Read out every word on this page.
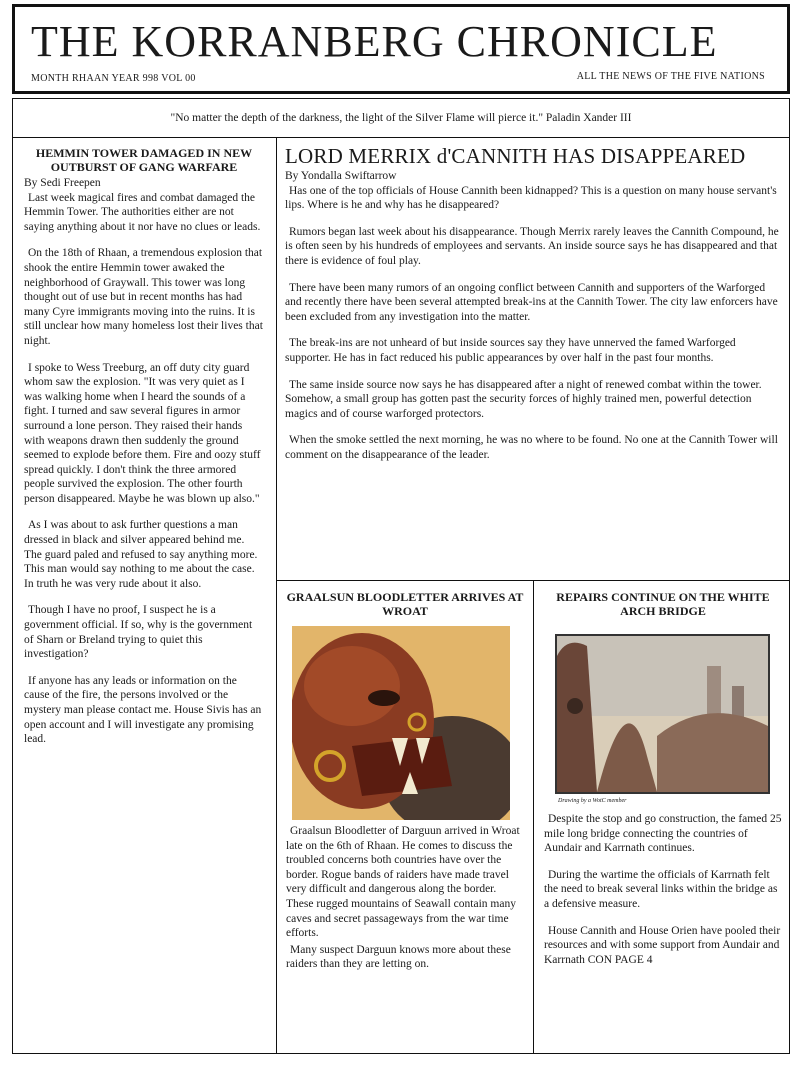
THE KORRANBERG CHRONICLE
MONTH RHAAN YEAR 998 VOL 00	ALL THE NEWS OF THE FIVE NATIONS
"No matter the depth of the darkness, the light of the Silver Flame will pierce it." Paladin Xander III
HEMMIN TOWER DAMAGED IN NEW OUTBURST OF GANG WARFARE
By Sedi Freepen

Last week magical fires and combat damaged the Hemmin Tower. The authorities either are not saying anything about it nor have no clues or leads.

On the 18th of Rhaan, a tremendous explosion that shook the entire Hemmin tower awaked the neighborhood of Graywall. This tower was long thought out of use but in recent months has had many Cyre immigrants moving into the ruins. It is still unclear how many homeless lost their lives that night.

I spoke to Wess Treeburg, an off duty city guard whom saw the explosion. "It was very quiet as I was walking home when I heard the sounds of a fight. I turned and saw several figures in armor surround a lone person. They raised their hands with weapons drawn then suddenly the ground seemed to explode before them. Fire and oozy stuff spread quickly. I don't think the three armored people survived the explosion. The other fourth person disappeared. Maybe he was blown up also."

As I was about to ask further questions a man dressed in black and silver appeared behind me. The guard paled and refused to say anything more. This man would say nothing to me about the case. In truth he was very rude about it also.

Though I have no proof, I suspect he is a government official. If so, why is the government of Sharn or Breland trying to quiet this investigation?

If anyone has any leads or information on the cause of the fire, the persons involved or the mystery man please contact me. House Sivis has an open account and I will investigate any promising lead.

LORD MERRIX d'CANNITH HAS DISAPPEARED
By Yondalla Swiftarrow

Has one of the top officials of House Cannith been kidnapped? This is a question on many house servant's lips. Where is he and why has he disappeared?

Rumors began last week about his disappearance. Though Merrix rarely leaves the Cannith Compound, he is often seen by his hundreds of employees and servants. An inside source says he has disappeared and that there is evidence of foul play.

There have been many rumors of an ongoing conflict between Cannith and supporters of the Warforged and recently there have been several attempted break-ins at the Cannith Tower. The city law enforcers have been excluded from any investigation into the matter.

The break-ins are not unheard of but inside sources say they have unnerved the famed Warforged supporter. He has in fact reduced his public appearances by over half in the past four months.

The same inside source now says he has disappeared after a night of renewed combat within the tower. Somehow, a small group has gotten past the security forces of highly trained men, powerful detection magics and of course warforged protectors.

When the smoke settled the next morning, he was no where to be found. No one at the Cannith Tower will comment on the disappearance of the leader.

GRAALSUN BLOODLETTER ARRIVES AT WROAT

Graalsun Bloodletter of Darguun arrived in Wroat late on the 6th of Rhaan. He comes to discuss the troubled concerns both countries have over the border. Rogue bands of raiders have made travel very difficult and dangerous along the border. These rugged mountains of Seawall contain many caves and secret passageways from the war time efforts.

Many suspect Darguun knows more about these raiders than they are letting on.

REPAIRS CONTINUE ON THE WHITE ARCH BRIDGE
Drawing by a WotC member

Despite the stop and go construction, the famed 25 mile long bridge connecting the countries of Aundair and Karrnath continues.

During the wartime the officials of Karrnath felt the need to break several links within the bridge as a defensive measure.

House Cannith and House Orien have pooled their resources and with some support from Aundair and Karrnath CON PAGE 4
